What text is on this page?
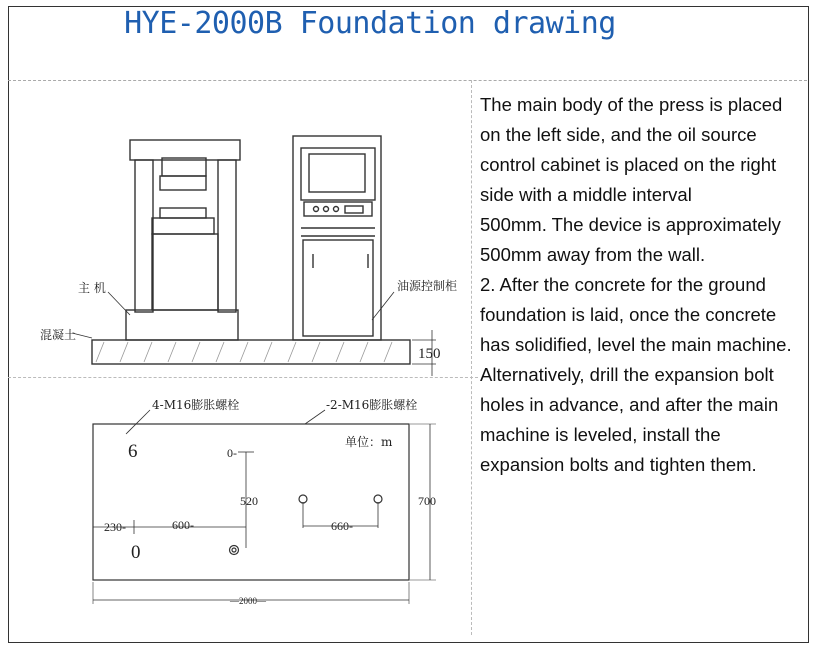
HYE-2000B Foundation drawing
主 机	油源控制柜
混凝土
150
4-M16膨胀螺栓	-2-M16膨胀螺栓
单位：m
6
0
0-
520	700
230-	600-	660-
—2000—

The main body of the press is placed on the left side, and the oil source control cabinet is placed on the right side with a middle interval

500mm. The device is approximately 500mm away from the wall.

2. After the concrete for the ground foundation is laid, once the concrete has solidified, level the main machine. Alternatively, drill the expansion bolt holes in advance, and after the main machine is leveled, install the expansion bolts and tighten them.
